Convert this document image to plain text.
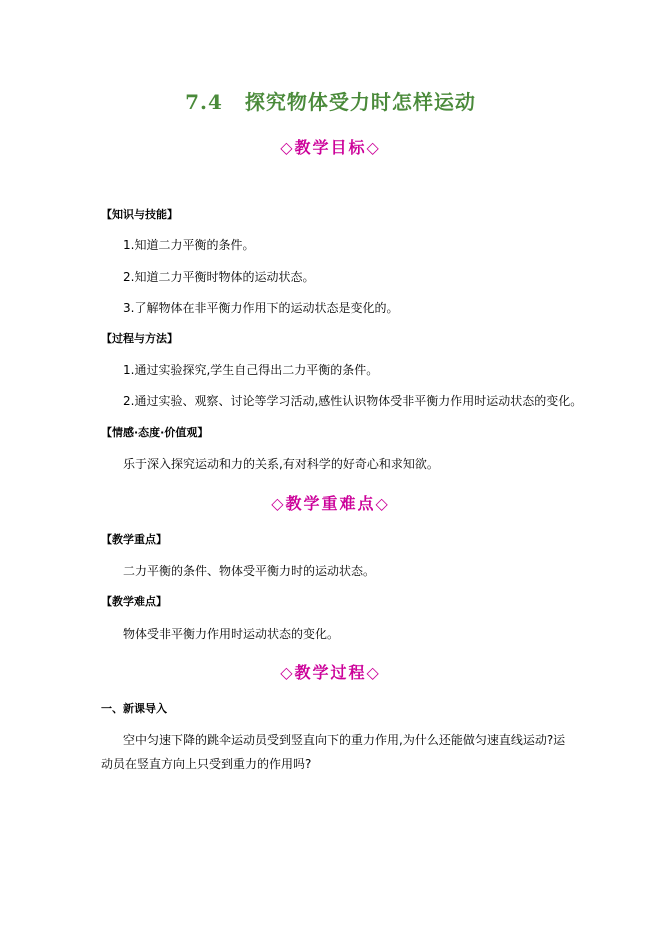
7.4 探究物体受力时怎样运动
◇教学目标◇
【知识与技能】
1.知道二力平衡的条件。
2.知道二力平衡时物体的运动状态。
3.了解物体在非平衡力作用下的运动状态是变化的。
【过程与方法】
1.通过实验探究,学生自己得出二力平衡的条件。
2.通过实验、观察、讨论等学习活动,感性认识物体受非平衡力作用时运动状态的变化。
【情感·态度·价值观】
乐于深入探究运动和力的关系,有对科学的好奇心和求知欲。
◇教学重难点◇
【教学重点】
二力平衡的条件、物体受平衡力时的运动状态。
【教学难点】
物体受非平衡力作用时运动状态的变化。
◇教学过程◇
一、新课导入
空中匀速下降的跳伞运动员受到竖直向下的重力作用,为什么还能做匀速直线运动?运
动员在竖直方向上只受到重力的作用吗?
